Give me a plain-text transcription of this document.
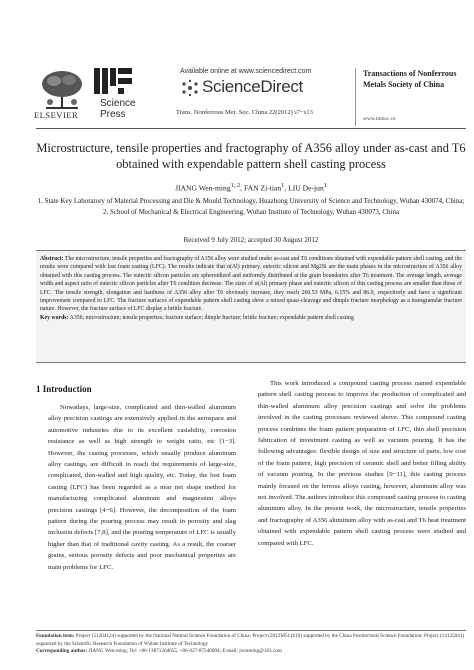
ELSEVIER
Science
Press
Available online at www.sciencedirect.com
ScienceDirect
Trans. Nonferrous Met. Soc. China 22(2012) s7−s13
Transactions of Nonferrous Metals Society of China
www.tnmsc.cn
Microstructure, tensile properties and fractography of A356 alloy under as-cast and T6 obtained with expendable pattern shell casting process
JIANG Wen-ming$^{1, 2}$, FAN Zi-tian$^1$, LIU De-jun$^1$
1. State Key Laboratory of Material Processing and Die & Mould Technology, Huazhong University of Science and Technology, Wuhan 430074, China;
2. School of Mechanical & Electrical Engineering, Wuhan Institute of Technology, Wuhan 430073, China
Received 9 July 2012; accepted 30 August 2012
Abstract: The microstructure, tensile properties and fractography of A356 alloy were studied under as-cast and T6 conditions obtained with expendable pattern shell casting, and the results were compared with lost foam casting (LFC). The results indicate that α(Al) primary, eutectic silicon and Mg2Si are the main phases in the microstructure of A356 alloy obtained with this casting process. The eutectic silicon particles are spheroidized and uniformly distributed at the grain boundaries after T6 treatment. The average length, average width and aspect ratio of eutectic silicon particles after T6 condition decrease. The sizes of α(Al) primary phase and eutectic silicon of this casting process are smaller than those of LFC. The tensile strength, elongation and hardness of A356 alloy after T6 obviously increase, they reach 260.53 MPa, 6.15% and 86.0, respectively and have a significant improvement compared to LFC. The fracture surfaces of expendable pattern shell casting show a mixed quasi-cleavage and dimple fracture morphology as a transgranular fracture nature. However, the fracture surface of LFC display a brittle fracture.
Key words: A356; microstructure; tensile properties; fracture surface; dimple fracture; brittle fracture; expendable pattern shell casting
1 Introduction
Nowadays, large-size, complicated and thin-walled aluminum alloy precision castings are extensively applied in the aerospace and automotive industries due to its excellent castability, corrosion resistance as well as high strength to weight ratio, etc [1−3]. However, the casting processes, which usually produce aluminum alloy castings, are difficult to reach the requirements of large-size, complicated, thin-walled and high quality, etc. Today, the lost foam casting (LFC) has been regarded as a near net shape method for manufacturing complicated aluminum and magnesium alloys precision castings [4−6]. However, the decomposition of the foam pattern during the pouring process may result in porosity and slag inclusion defects [7,8], and the pouring temperature of LFC is usually higher than that of traditional cavity casting. As a result, the coarser grains, serious porosity defects and poor mechanical properties are main problems for LFC.
This work introduced a compound casting process named expendable pattern shell casting process to improve the production of complicated and thin-walled aluminum alloy precision castings and solve the problems involved in the casting processes reviewed above. This compound casting process combines the foam pattern preparation of LFC, thin shell precision fabrication of investment casting as well as vacuum pouring. It has the following advantages: flexible design of size and structure of parts, low cost of the foam pattern, high precision of ceramic shell and better filling ability of vacuum pouring. In the previous studies [9−11], this casting process mainly focused on the ferrous alloys casting, however, aluminum alloy was not involved. The authors introduce this compound casting process to casting aluminum alloy. In the present work, the microstructure, tensile properties and fractography of A356 aluminum alloy with as-cast and T6 heat treatment obtained with expendable pattern shell casting process were studied and compared with LFC.
Foundation item: Project (51204124) supported by the National Natural Science Foundation of China; Project (2012M511610) supported by the China Postdoctoral Science Foundation; Project (14125041) supported by the Scientific Research Foundation of Wuhan Institute of Technology
Corresponding author: JIANG Wen-ming; Tel: +86-13871264655, +86-027-87540094; E-mail: jwmming@163.com
